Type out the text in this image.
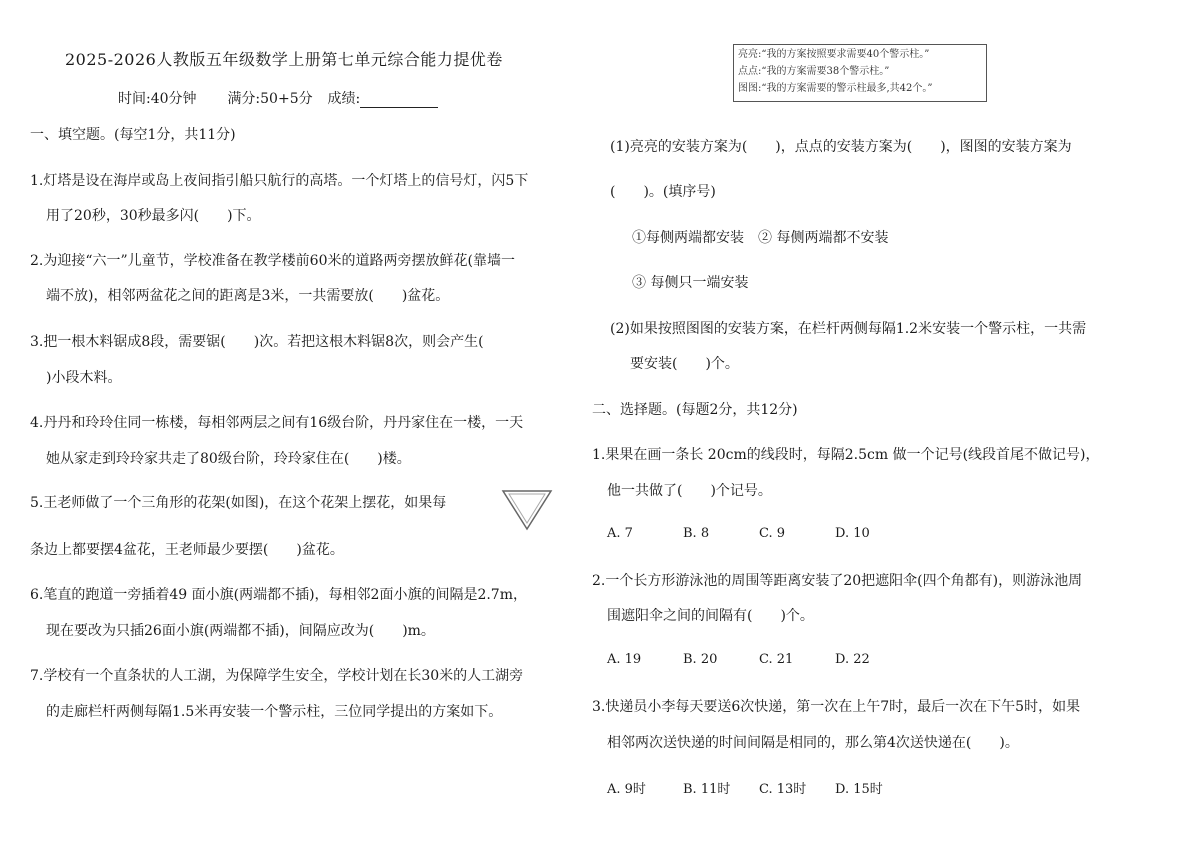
2025-2026人教版五年级数学上册第七单元综合能力提优卷
时间:40分钟 满分:50+5分 成绩:
一、填空题。(每空1分，共11分)
1.灯塔是设在海岸或岛上夜间指引船只航行的高塔。一个灯塔上的信号灯，闪5下
用了20秒，30秒最多闪(　　)下。
2.为迎接“六一”儿童节，学校准备在教学楼前60米的道路两旁摆放鲜花(靠墙一
端不放)，相邻两盆花之间的距离是3米，一共需要放(　　)盆花。
3.把一根木料锯成8段，需要锯(　　)次。若把这根木料锯8次，则会产生(
)小段木料。
4.丹丹和玲玲住同一栋楼，每相邻两层之间有16级台阶，丹丹家住在一楼，一天
她从家走到玲玲家共走了80级台阶，玲玲家住在(　　)楼。
5.王老师做了一个三角形的花架(如图)，在这个花架上摆花，如果每
条边上都要摆4盆花，王老师最少要摆(　　)盆花。
6.笔直的跑道一旁插着49 面小旗(两端都不插)，每相邻2面小旗的间隔是2.7m，
现在要改为只插26面小旗(两端都不插)，间隔应改为(　　)m。
7.学校有一个直条状的人工湖，为保障学生安全，学校计划在长30米的人工湖旁
的走廊栏杆两侧每隔1.5米再安装一个警示柱，三位同学提出的方案如下。
亮亮:“我的方案按照要求需要40个警示柱。”
点点:“我的方案需要38个警示柱。”
图图:“我的方案需要的警示柱最多,共42个。”
(1)亮亮的安装方案为(　　)，点点的安装方案为(　　)，图图的安装方案为
(　　)。(填序号)
①每侧两端都安装　② 每侧两端都不安装
③ 每侧只一端安装
(2)如果按照图图的安装方案，在栏杆两侧每隔1.2米安装一个警示柱，一共需
要安装(　　)个。
二、选择题。(每题2分，共12分)
1.果果在画一条长 20cm的线段时，每隔2.5cm 做一个记号(线段首尾不做记号)，
他一共做了(　　)个记号。
A. 7	B. 8	C. 9	D. 10
2.一个长方形游泳池的周围等距离安装了20把遮阳伞(四个角都有)，则游泳池周
围遮阳伞之间的间隔有(　　)个。
A. 19	B. 20	C. 21	D. 22
3.快递员小李每天要送6次快递，第一次在上午7时，最后一次在下午5时，如果
相邻两次送快递的时间间隔是相同的，那么第4次送快递在(　　)。
A. 9时	B. 11时 C. 13时 D. 15时
